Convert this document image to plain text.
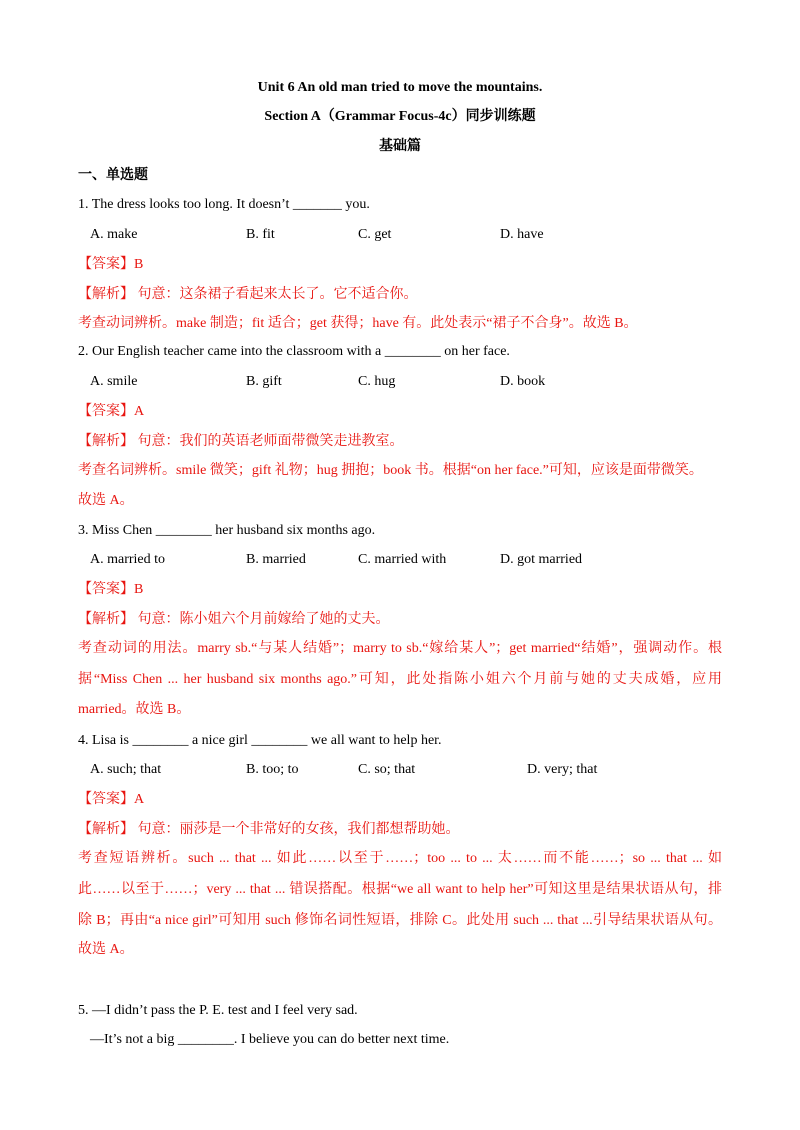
Unit 6 An old man tried to move the mountains.
Section A（Grammar Focus-4c）同步训练题
基础篇
一、单选题
1. The dress looks too long. It doesn’t _______ you.
A. make	B. fit	C. get	D. have
【答案】B
【解析】 句意：这条裙子看起来太长了。它不适合你。
考查动词辨析。make 制造；fit 适合；get 获得；have 有。此处表示“裙子不合身”。故选 B。
2. Our English teacher came into the classroom with a ________ on her face.
A. smile	B. gift	C. hug	D. book
【答案】A
【解析】 句意：我们的英语老师面带微笑走进教室。
考查名词辨析。smile 微笑；gift 礼物；hug 拥抱；book 书。根据“on her face.”可知，应该是面带微笑。
故选 A。
3. Miss Chen ________ her husband six months ago.
A. married to	B. married	C. married with	D. got married
【答案】B
【解析】 句意：陈小姐六个月前嫁给了她的丈夫。
考查动词的用法。marry sb.“与某人结婚”；marry to sb.“嫁给某人”；get married“结婚”，强调动作。根
据“Miss Chen ... her husband six months ago.”可知，此处指陈小姐六个月前与她的丈夫成婚，应用
married。故选 B。
4. Lisa is ________ a nice girl ________ we all want to help her.
A. such; that	B. too; to	C. so; that	D. very; that
【答案】A
【解析】 句意：丽莎是一个非常好的女孩，我们都想帮助她。
考查短语辨析。such ... that ... 如此……以至于……；too ... to ... 太……而不能……；so ... that ... 如
此……以至于……；very ... that ... 错误搭配。根据“we all want to help her”可知这里是结果状语从句，排
除 B；再由“a nice girl”可知用 such 修饰名词性短语，排除 C。此处用 such ... that ...引导结果状语从句。
故选 A。
5. —I didn’t pass the P. E. test and I feel very sad.
—It’s not a big ________. I believe you can do better next time.
